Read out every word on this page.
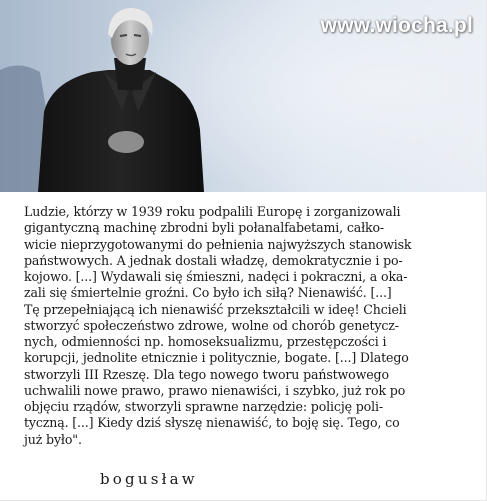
www.wiocha.pl
Ludzie, którzy w 1939 roku podpalili Europę i zorganizowali
gigantyczną machinę zbrodni byli połanalfabetami, całko-
wicie nieprzygotowanymi do pełnienia najwyższych stanowisk
państwowych. A jednak dostali władzę, demokratycznie i po-
kojowo. [...] Wydawali się śmieszni, nadęci i pokraczni, a oka-
zali się śmiertelnie groźni. Co było ich siłą? Nienawiść. [...]
Tę przepełniającą ich nienawiść przekształcili w ideę! Chcieli
stworzyć społeczeństwo zdrowe, wolne od chorób genetycz-
nych, odmienności np. homoseksualizmu, przestępczości i
korupcji, jednolite etnicznie i politycznie, bogate. [...] Dlatego
stworzyli III Rzeszę. Dla tego nowego tworu państwowego
uchwalili nowe prawo, prawo nienawiści, i szybko, już rok po
objęciu rządów, stworzyli sprawne narzędzie: policję poli-
tyczną. [...] Kiedy dziś słyszę nienawiść, to boję się. Tego, co
już było".
bogusław
